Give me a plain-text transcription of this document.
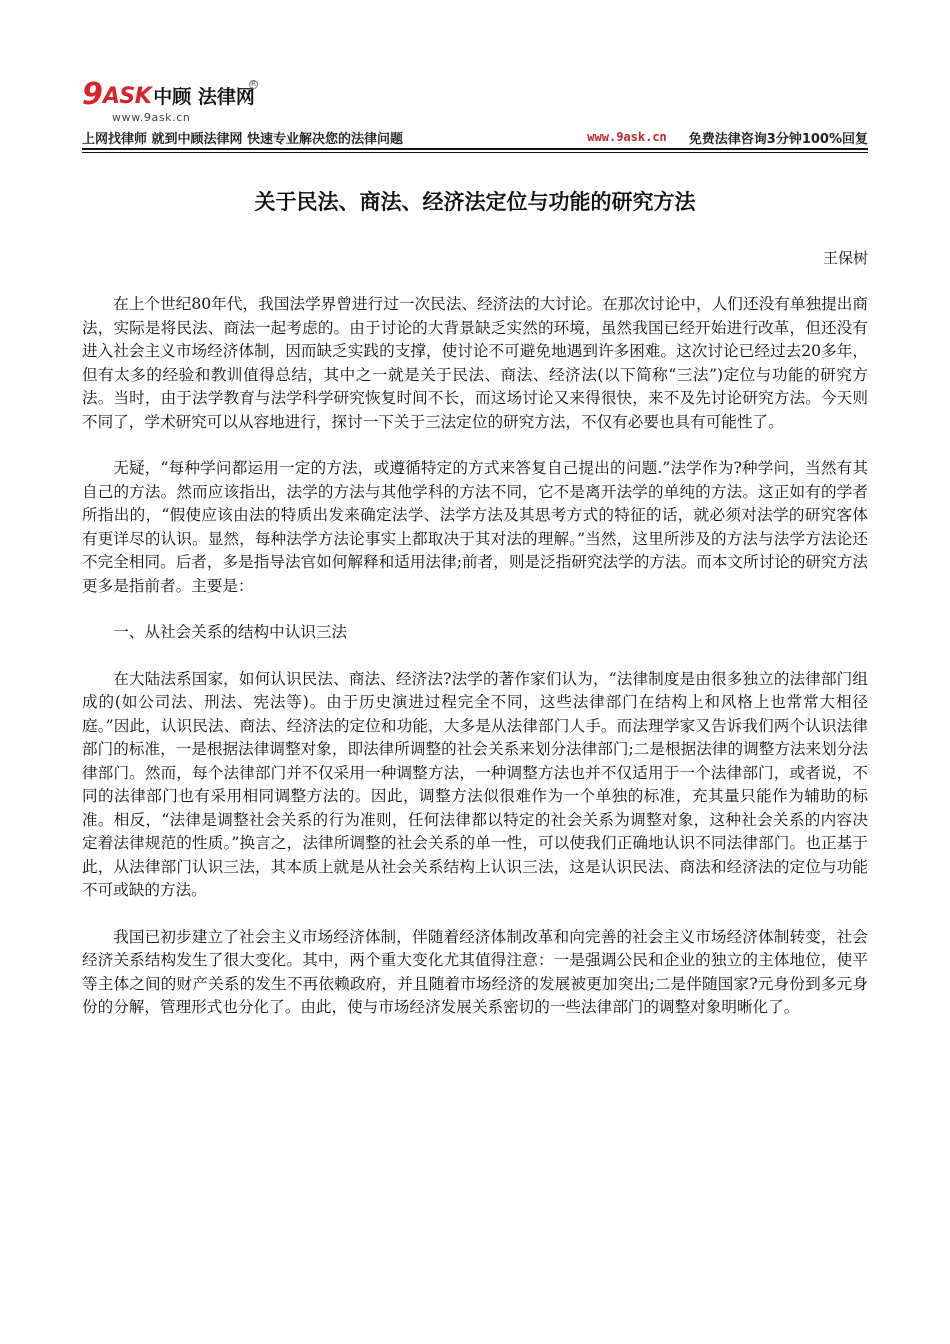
9 ASK 中顾 法律网
R
www.9ask.cn
上网找律师 就到中顾法律网 快速专业解决您的法律问题	www.9ask.cn 免费法律咨询3分钟100%回复
关于民法、商法、经济法定位与功能的研究方法
王保树

在上个世纪80年代，我国法学界曾进行过一次民法、经济法的大讨论。在那次讨论中，人们还没有单独提出商法，实际是将民法、商法一起考虑的。由于讨论的大背景缺乏实然的环境，虽然我国已经开始进行改革，但还没有进入社会主义市场经济体制，因而缺乏实践的支撑，使讨论不可避免地遇到许多困难。这次讨论已经过去20多年，但有太多的经验和教训值得总结，其中之一就是关于民法、商法、经济法(以下简称“三法”)定位与功能的研究方法。当时，由于法学教育与法学科学研究恢复时间不长，而这场讨论又来得很快，来不及先讨论研究方法。今天则不同了，学术研究可以从容地进行，探讨一下关于三法定位的研究方法，不仅有必要也具有可能性了。

无疑，“每种学问都运用一定的方法，或遵循特定的方式来答复自己提出的问题.”法学作为?种学问，当然有其自己的方法。然而应该指出，法学的方法与其他学科的方法不同，它不是离开法学的单纯的方法。这正如有的学者所指出的，“假使应该由法的特质出发来确定法学、法学方法及其思考方式的特征的话，就必须对法学的研究客体有更详尽的认识。显然，每种法学方法论事实上都取决于其对法的理解。”当然，这里所涉及的方法与法学方法论还不完全相同。后者，多是指导法官如何解释和适用法律;前者，则是泛指研究法学的方法。而本文所讨论的研究方法更多是指前者。主要是：

一、从社会关系的结构中认识三法

在大陆法系国家，如何认识民法、商法、经济法?法学的著作家们认为，“法律制度是由很多独立的法律部门组成的(如公司法、刑法、宪法等)。由于历史演进过程完全不同，这些法律部门在结构上和风格上也常常大相径庭。”因此，认识民法、商法、经济法的定位和功能，大多是从法律部门人手。而法理学家又告诉我们两个认识法律部门的标准，一是根据法律调整对象，即法律所调整的社会关系来划分法律部门;二是根据法律的调整方法来划分法律部门。然而，每个法律部门并不仅采用一种调整方法，一种调整方法也并不仅适用于一个法律部门，或者说，不同的法律部门也有采用相同调整方法的。因此，调整方法似很难作为一个单独的标准，充其量只能作为辅助的标准。相反，“法律是调整社会关系的行为准则，任何法律都以特定的社会关系为调整对象，这种社会关系的内容决定着法律规范的性质。”换言之，法律所调整的社会关系的单一性，可以使我们正确地认识不同法律部门。也正基于此，从法律部门认识三法，其本质上就是从社会关系结构上认识三法，这是认识民法、商法和经济法的定位与功能不可或缺的方法。

我国已初步建立了社会主义市场经济体制，伴随着经济体制改革和向完善的社会主义市场经济体制转变，社会经济关系结构发生了很大变化。其中，两个重大变化尤其值得注意：一是强调公民和企业的独立的主体地位，使平等主体之间的财产关系的发生不再依赖政府，并且随着市场经济的发展被更加突出;二是伴随国家?元身份到多元身份的分解，管理形式也分化了。由此，使与市场经济发展关系密切的一些法律部门的调整对象明晰化了。
